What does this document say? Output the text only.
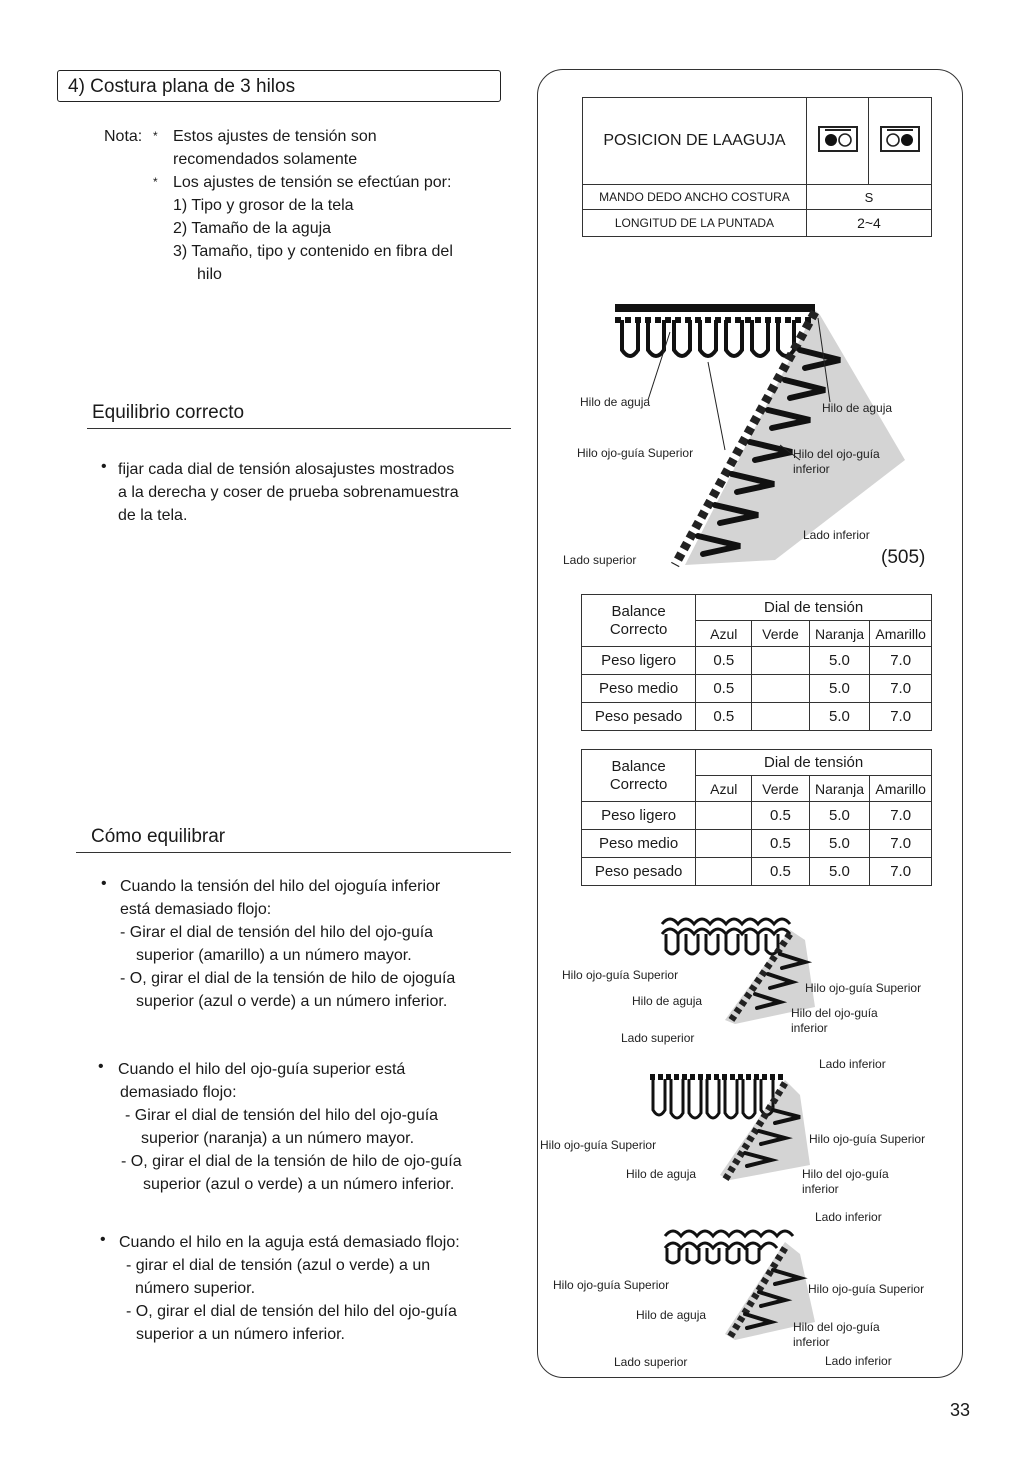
4) Costura plana de 3 hilos
Nota: * Estos ajustes de tensión son
recomendados solamente
* Los ajustes de tensión se efectúan por:
1) Tipo y grosor de la tela
2) Tamaño de la aguja
3) Tamaño, tipo y contenido en fibra del
hilo
Equilibrio correcto
• fijar cada dial de tensión alosajustes mostrados
a la derecha y coser de prueba sobrenamuestra
de la tela.
Cómo equilibrar
• Cuando la tensión del hilo del ojoguía inferior
está demasiado flojo:
- Girar el dial de tensión del hilo del ojo-guía
superior (amarillo) a un número mayor.
- O, girar el dial de la tensión de hilo de ojoguía
superior (azul o verde) a un número inferior.
• Cuando el hilo del ojo-guía superior está
demasiado flojo:
- Girar el dial de tensión del hilo del ojo-guía
superior (naranja) a un número mayor.
- O, girar el dial de la tensión de hilo de ojo-guía
superior (azul o verde) a un número inferior.
• Cuando el hilo en la aguja está demasiado flojo:
- girar el dial de tensión (azul o verde) a un
número superior.
- O, girar el dial de tensión del hilo del ojo-guía
superior a un número inferior.
POSICION DE LAAGUJA		
MANDO DEDO ANCHO COSTURA	S	
LONGITUD DE LA PUNTADA	2~4	
Hilo de aguja	Hilo de aguja
Hilo ojo-guía Superior	Hilo del ojo-guía
inferior
Lado inferior
Lado superior	(505)
Balance
Correcto	Dial de tensión			
	Azul	Verde	Naranja	Amarillo
Peso ligero	0.5		5.0	7.0
Peso medio	0.5		5.0	7.0
Peso pesado	0.5		5.0	7.0
Balance
Correcto	Dial de tensión			
	Azul	Verde	Naranja	Amarillo
Peso ligero		0.5	5.0	7.0
Peso medio		0.5	5.0	7.0
Peso pesado		0.5	5.0	7.0
Hilo ojo-guía Superior
Hilo de aguja
Lado superior
Hilo ojo-guía Superior
Hilo del ojo-guía
inferior
Lado inferior
Hilo ojo-guía Superior
Hilo de aguja
Hilo ojo-guía Superior
Hilo del ojo-guía
inferior
Lado inferior
Hilo ojo-guía Superior
Hilo de aguja
Hilo ojo-guía Superior
Hilo del ojo-guía
inferior
Lado superior	Lado inferior
33
